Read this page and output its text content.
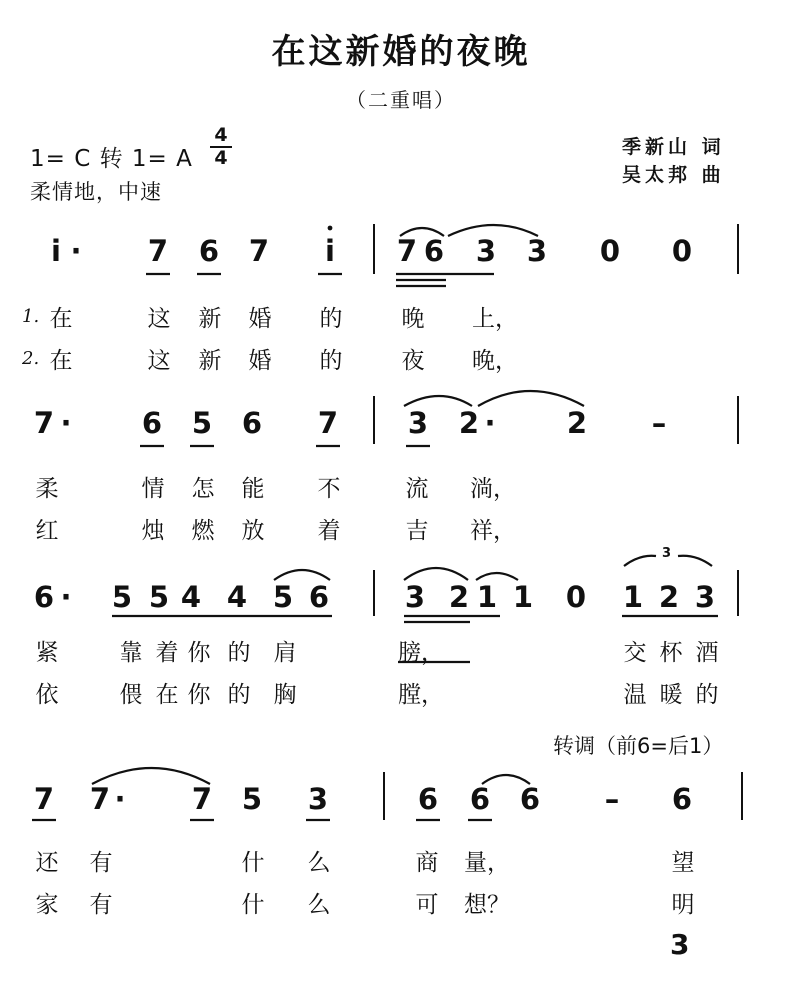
在这新婚的夜晚
（二重唱）
1= C 转 1= A
4
4
柔情地，中速
季新山 词
吴太邦 曲
i · 7 6 7	i	7 6 3 3 0 0
1. 在	这 新 婚 的	晚 上，
2. 在	这 新 婚 的	夜 晚，
7 · 6 5 6 7 3 2 · 2	–
柔	情 怎 能 不	流 淌，
红	烛 燃 放 着	吉 祥，
6 · 5 5 4 4 5 6	3 2 1 1 0 1 2 3
3
紧	靠 着 你 的 肩	膀，	交 杯 酒
依	偎 在 你 的 胸	膛，	温 暖 的
转调（前6=后1）
7 7 · 7 5 3	6 6 6	–	6
还 有	什 么	商 量，	望
家 有	什 么	可 想？	明
3
